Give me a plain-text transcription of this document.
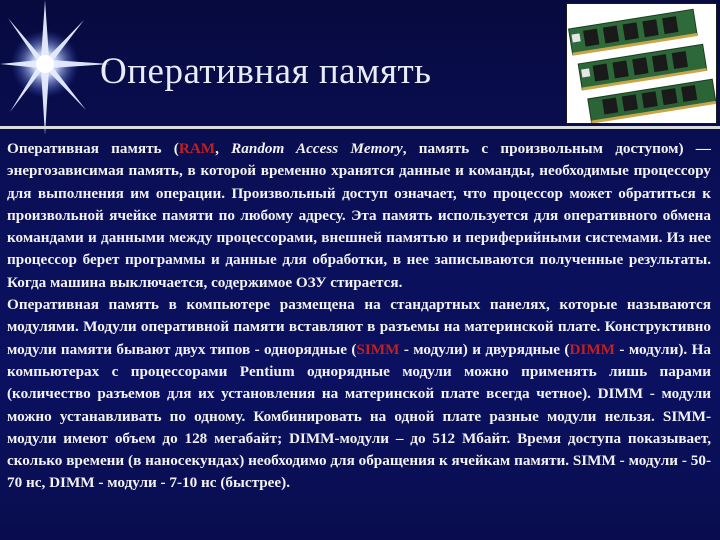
Оперативная память

Оперативная память (RAM, Random Access Memory, память с произвольным доступом) — энергозависимая память, в которой временно хранятся данные и команды, необходимые процессору для выполнения им операции. Произвольный доступ означает, что процессор может обратиться к произвольной ячейке памяти по любому адресу. Эта память используется для оперативного обмена командами и данными между процессорами, внешней памятью и периферийными системами. Из нее процессор берет программы и данные для обработки, в нее записываются полученные результаты. Когда машина выключается, содержимое ОЗУ стирается.

Оперативная память в компьютере размещена на стандартных панелях, которые называются модулями. Модули оперативной памяти вставляют в разъемы на материнской плате. Конструктивно модули памяти бывают двух типов - однорядные (SIMM - модули) и двурядные (DIMM - модули). На компьютерах с процессорами Pentium однорядные модули можно применять лишь парами (количество разъемов для их установления на материнской плате всегда четное). DIMM - модули можно устанавливать по одному. Комбинировать на одной плате разные модули нельзя. SIMM-модули имеют объем до 128 мегабайт; DIMM-модули – до 512 Мбайт. Время доступа показывает, сколько времени (в наносекундах) необходимо для обращения к ячейкам памяти. SIMM - модули - 50-70 нс, DIMM - модули - 7-10 нс (быстрее).
